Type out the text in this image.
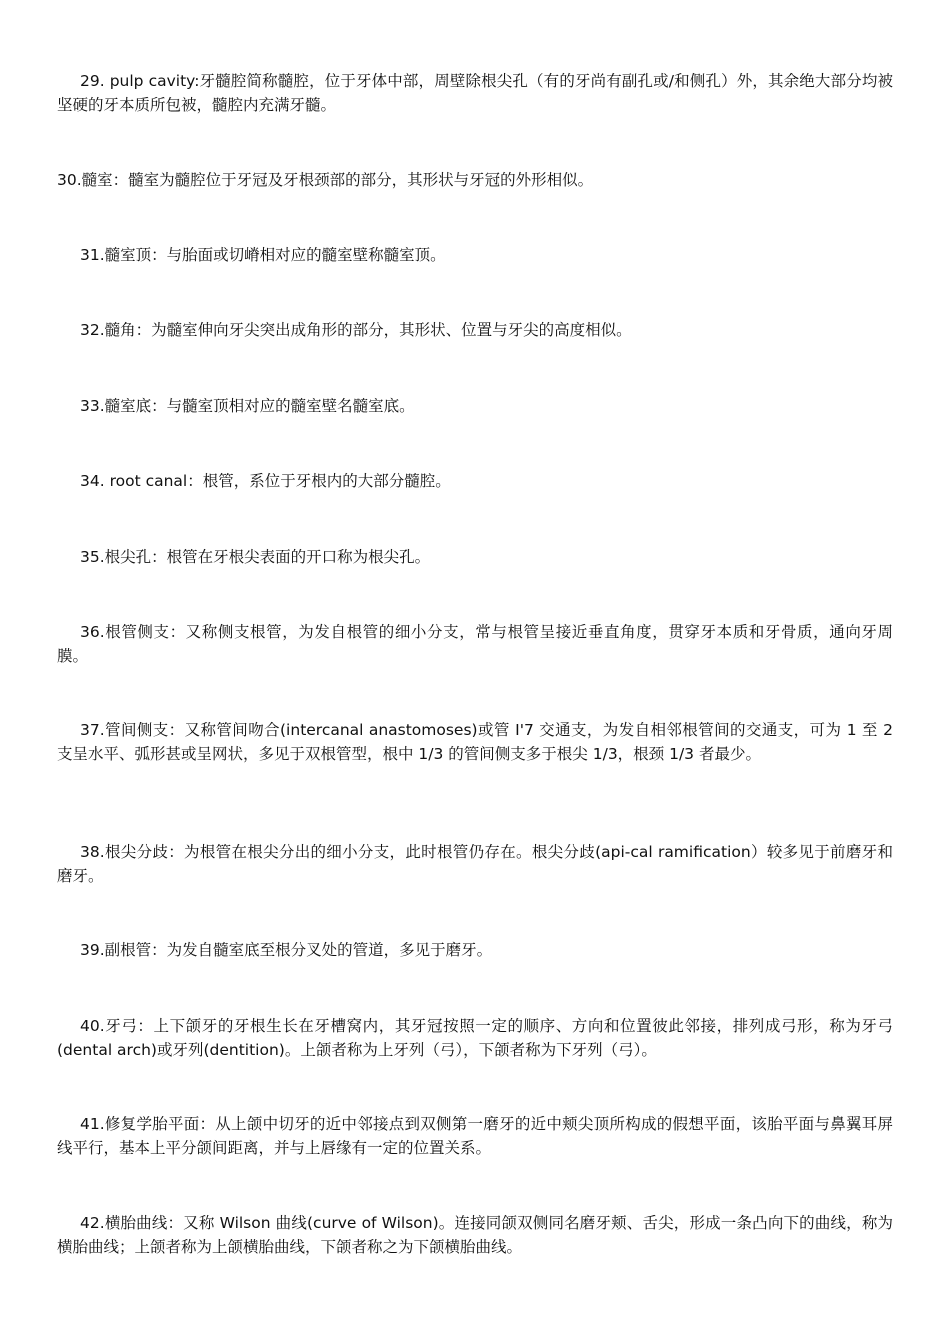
29. pulp cavity:牙髓腔简称髓腔，位于牙体中部，周壁除根尖孔（有的牙尚有副孔或/和侧孔）外，其余绝大部分均被坚硬的牙本质所包被，髓腔内充满牙髓。

30.髓室：髓室为髓腔位于牙冠及牙根颈部的部分，其形状与牙冠的外形相似。

31.髓室顶：与胎面或切嵴相对应的髓室壁称髓室顶。

32.髓角：为髓室伸向牙尖突出成角形的部分，其形状、位置与牙尖的高度相似。

33.髓室底：与髓室顶相对应的髓室壁名髓室底。

34. root canal：根管，系位于牙根内的大部分髓腔。

35.根尖孔：根管在牙根尖表面的开口称为根尖孔。

36.根管侧支：又称侧支根管，为发自根管的细小分支，常与根管呈接近垂直角度，贯穿牙本质和牙骨质，通向牙周膜。

37.管间侧支：又称管间吻合(intercanal anastomoses)或管 I'7 交通支，为发自相邻根管间的交通支，可为 1 至 2 支呈水平、弧形甚或呈网状，多见于双根管型，根中 1/3 的管间侧支多于根尖 1/3，根颈 1/3 者最少。

38.根尖分歧：为根管在根尖分出的细小分支，此时根管仍存在。根尖分歧(api-cal ramification）较多见于前磨牙和磨牙。

39.副根管：为发自髓室底至根分叉处的管道，多见于磨牙。

40.牙弓：上下颌牙的牙根生长在牙槽窝内，其牙冠按照一定的顺序、方向和位置彼此邻接，排列成弓形，称为牙弓(dental arch)或牙列(dentition)。上颌者称为上牙列（弓），下颌者称为下牙列（弓）。

41.修复学胎平面：从上颌中切牙的近中邻接点到双侧第一磨牙的近中颊尖顶所构成的假想平面，该胎平面与鼻翼耳屏线平行，基本上平分颌间距离，并与上唇缘有一定的位置关系。

42.横胎曲线：又称 Wilson 曲线(curve of Wilson)。连接同颌双侧同名磨牙颊、舌尖，形成一条凸向下的曲线，称为横胎曲线；上颌者称为上颌横胎曲线，下颌者称之为下颌横胎曲线。
